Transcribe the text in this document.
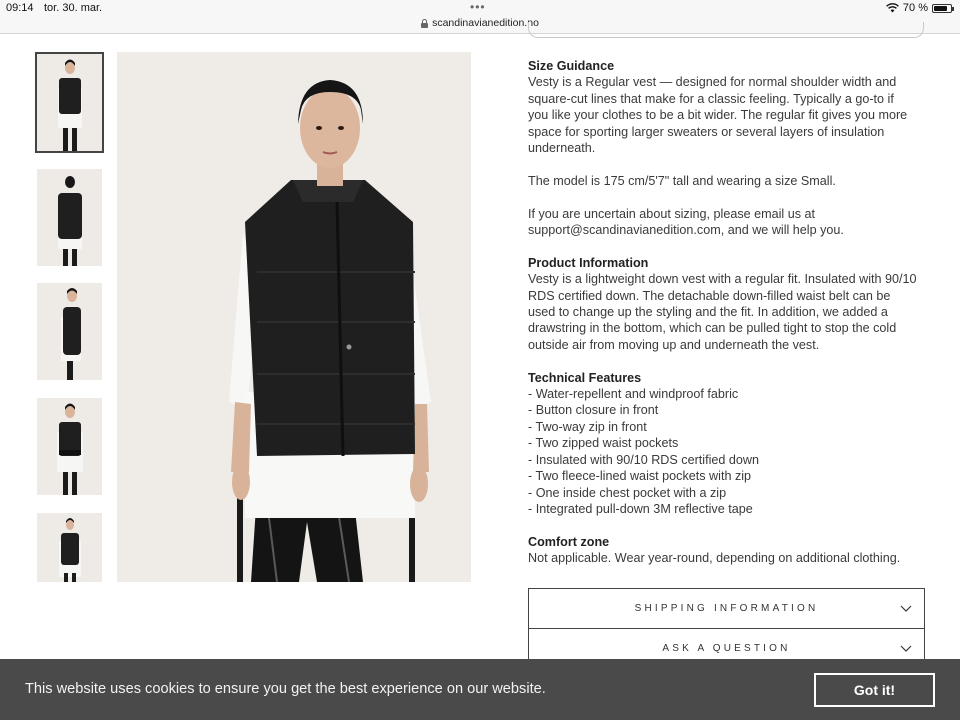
09:14 tor. 30. mar.	•••	70 %
scandinavianedition.no
Size Guidance

Vesty is a Regular vest — designed for normal shoulder width and

square-cut lines that make for a classic feeling. Typically a go-to if

you like your clothes to be a bit wider. The regular fit gives you more

space for sporting larger sweaters or several layers of insulation

underneath.

The model is 175 cm/5'7" tall and wearing a size Small.

If you are uncertain about sizing, please email us at

support@scandinavianedition.com, and we will help you.

Product Information

Vesty is a lightweight down vest with a regular fit. Insulated with 90/10

RDS certified down. The detachable down-filled waist belt can be

used to change up the styling and the fit. In addition, we added a

drawstring in the bottom, which can be pulled tight to stop the cold

outside air from moving up and underneath the vest.

Technical Features

- Water-repellent and windproof fabric

- Button closure in front

- Two-way zip in front

- Two zipped waist pockets

- Insulated with 90/10 RDS certified down

- Two fleece-lined waist pockets with zip

- One inside chest pocket with a zip

- Integrated pull-down 3M reflective tape

Comfort zone

Not applicable. Wear year-round, depending on additional clothing.

SHIPPING INFORMATION
ASK A QUESTION
This website uses cookies to ensure you get the best experience on our website.	Got it!
